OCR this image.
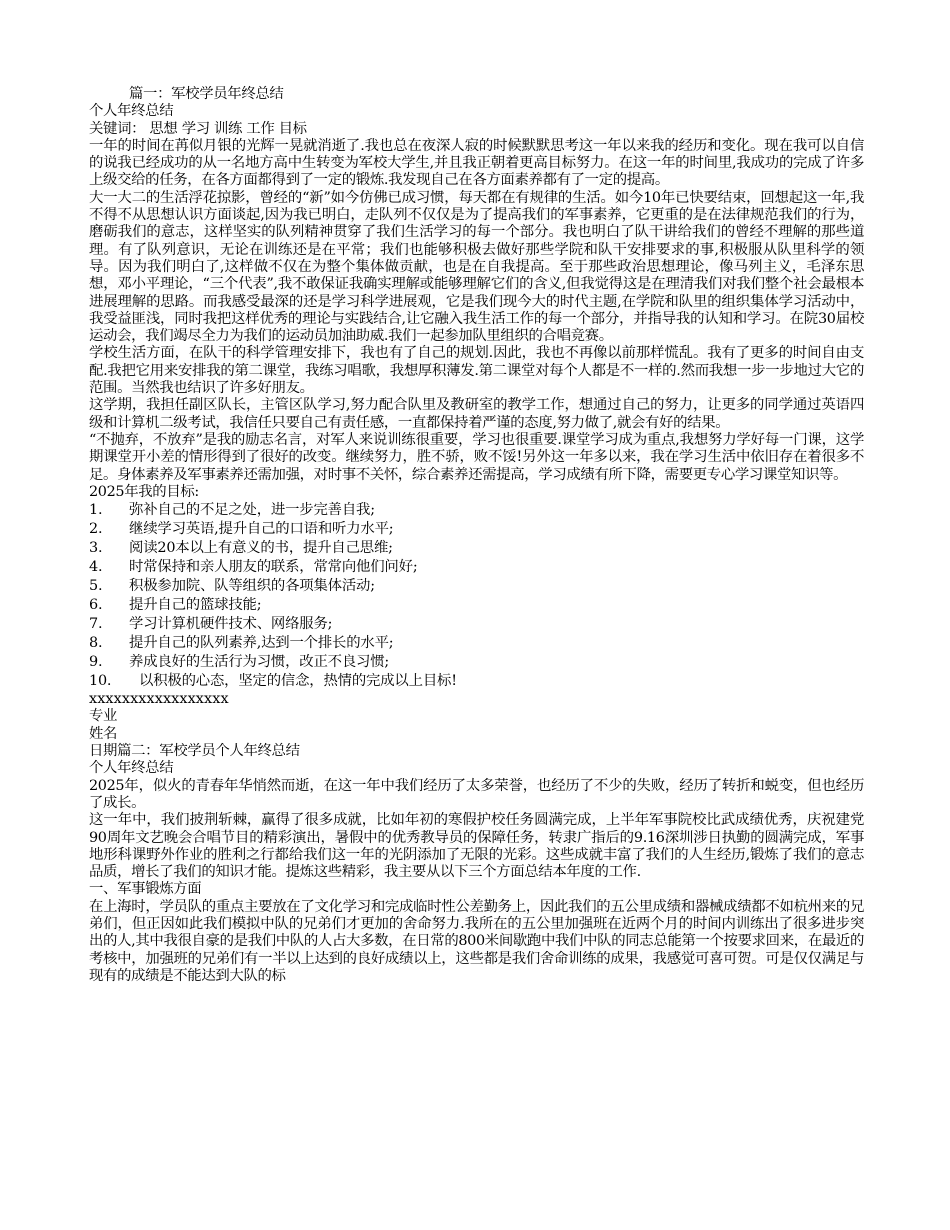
篇一：军校学员年终总结
个人年终总结
关键词： 思想 学习 训练 工作 目标
一年的时间在苒似月银的光辉一晃就消逝了.我也总在夜深人寂的时候默默思考这一年以来我的经历和变化。现在我可以自信的说我已经成功的从一名地方高中生转变为军校大学生,并且我正朝着更高目标努力。在这一年的时间里,我成功的完成了许多上级交给的任务，在各方面都得到了一定的锻炼.我发现自己在各方面素养都有了一定的提高。
大一大二的生活浮花掠影，曾经的“新”如今仿佛已成习惯，每天都在有规律的生活。如今10年已快要结束，回想起这一年,我不得不从思想认识方面谈起,因为我已明白，走队列不仅仅是为了提高我们的军事素养，它更重的是在法律规范我们的行为，磨砺我们的意志，这样坚实的队列精神贯穿了我们生活学习的每一个部分。我也明白了队干讲给我们的曾经不理解的那些道理。有了队列意识，无论在训练还是在平常；我们也能够积极去做好那些学院和队干安排要求的事,积极服从队里科学的领导。因为我们明白了,这样做不仅在为整个集体做贡献，也是在自我提高。至于那些政治思想理论，像马列主义，毛泽东思想，邓小平理论，“三个代表”,我不敢保证我确实理解或能够理解它们的含义,但我觉得这是在理清我们对我们整个社会最根本进展理解的思路。而我感受最深的还是学习科学进展观，它是我们现今大的时代主题,在学院和队里的组织集体学习活动中，我受益匪浅，同时我把这样优秀的理论与实践结合,让它融入我生活工作的每一个部分，并指导我的认知和学习。在院30届校运动会，我们竭尽全力为我们的运动员加油助威.我们一起参加队里组织的合唱竞赛。
学校生活方面，在队干的科学管理安排下，我也有了自己的规划.因此，我也不再像以前那样慌乱。我有了更多的时间自由支配.我把它用来安排我的第二课堂，我练习唱歌，我想厚积薄发.第二课堂对每个人都是不一样的.然而我想一步一步地过大它的范围。当然我也结识了许多好朋友。
这学期，我担任副区队长，主管区队学习,努力配合队里及教研室的教学工作，想通过自己的努力，让更多的同学通过英语四级和计算机二级考试，我信任只要自己有责任感，一直都保持着严谨的态度,努力做了,就会有好的结果。
“不抛弃，不放弃”是我的励志名言，对军人来说训练很重要，学习也很重要.课堂学习成为重点,我想努力学好每一门课，这学期课堂开小差的情形得到了很好的改变。继续努力，胜不骄，败不馁!另外这一年多以来，我在学习生活中依旧存在着很多不足。身体素养及军事素养还需加强，对时事不关怀，综合素养还需提高，学习成绩有所下降，需要更专心学习课堂知识等。
2025年我的目标:
1. 弥补自己的不足之处，进一步完善自我;
2. 继续学习英语,提升自己的口语和听力水平;
3. 阅读20本以上有意义的书，提升自己思维;
4. 时常保持和亲人朋友的联系，常常向他们问好;
5. 积极参加院、队等组织的各项集体活动;
6. 提升自己的篮球技能;
7. 学习计算机硬件技术、网络服务;
8. 提升自己的队列素养,达到一个排长的水平;
9. 养成良好的生活行为习惯，改正不良习惯;
10. 以积极的心态，坚定的信念，热情的完成以上目标!
xxxxxxxxxxxxxxxxx
专业
姓名
日期篇二：军校学员个人年终总结
个人年终总结
2025年，似火的青春年华悄然而逝，在这一年中我们经历了太多荣誉，也经历了不少的失败，经历了转折和蜕变，但也经历了成长。
这一年中，我们披荆斩棘，赢得了很多成就，比如年初的寒假护校任务圆满完成，上半年军事院校比武成绩优秀，庆祝建党90周年文艺晚会合唱节目的精彩演出，暑假中的优秀教导员的保障任务，转隶广指后的9.16深圳涉日执勤的圆满完成，军事地形科课野外作业的胜利之行都给我们这一年的光阴添加了无限的光彩。这些成就丰富了我们的人生经历,锻炼了我们的意志品质，增长了我们的知识才能。提炼这些精彩，我主要从以下三个方面总结本年度的工作.
一、军事锻炼方面
在上海时，学员队的重点主要放在了文化学习和完成临时性公差勤务上，因此我们的五公里成绩和器械成绩都不如杭州来的兄弟们，但正因如此我们模拟中队的兄弟们才更加的舍命努力.我所在的五公里加强班在近两个月的时间内训练出了很多进步突出的人,其中我很自豪的是我们中队的人占大多数，在日常的800米间歇跑中我们中队的同志总能第一个按要求回来，在最近的考核中，加强班的兄弟们有一半以上达到的良好成绩以上，这些都是我们舍命训练的成果，我感觉可喜可贺。可是仅仅满足与现有的成绩是不能达到大队的标
